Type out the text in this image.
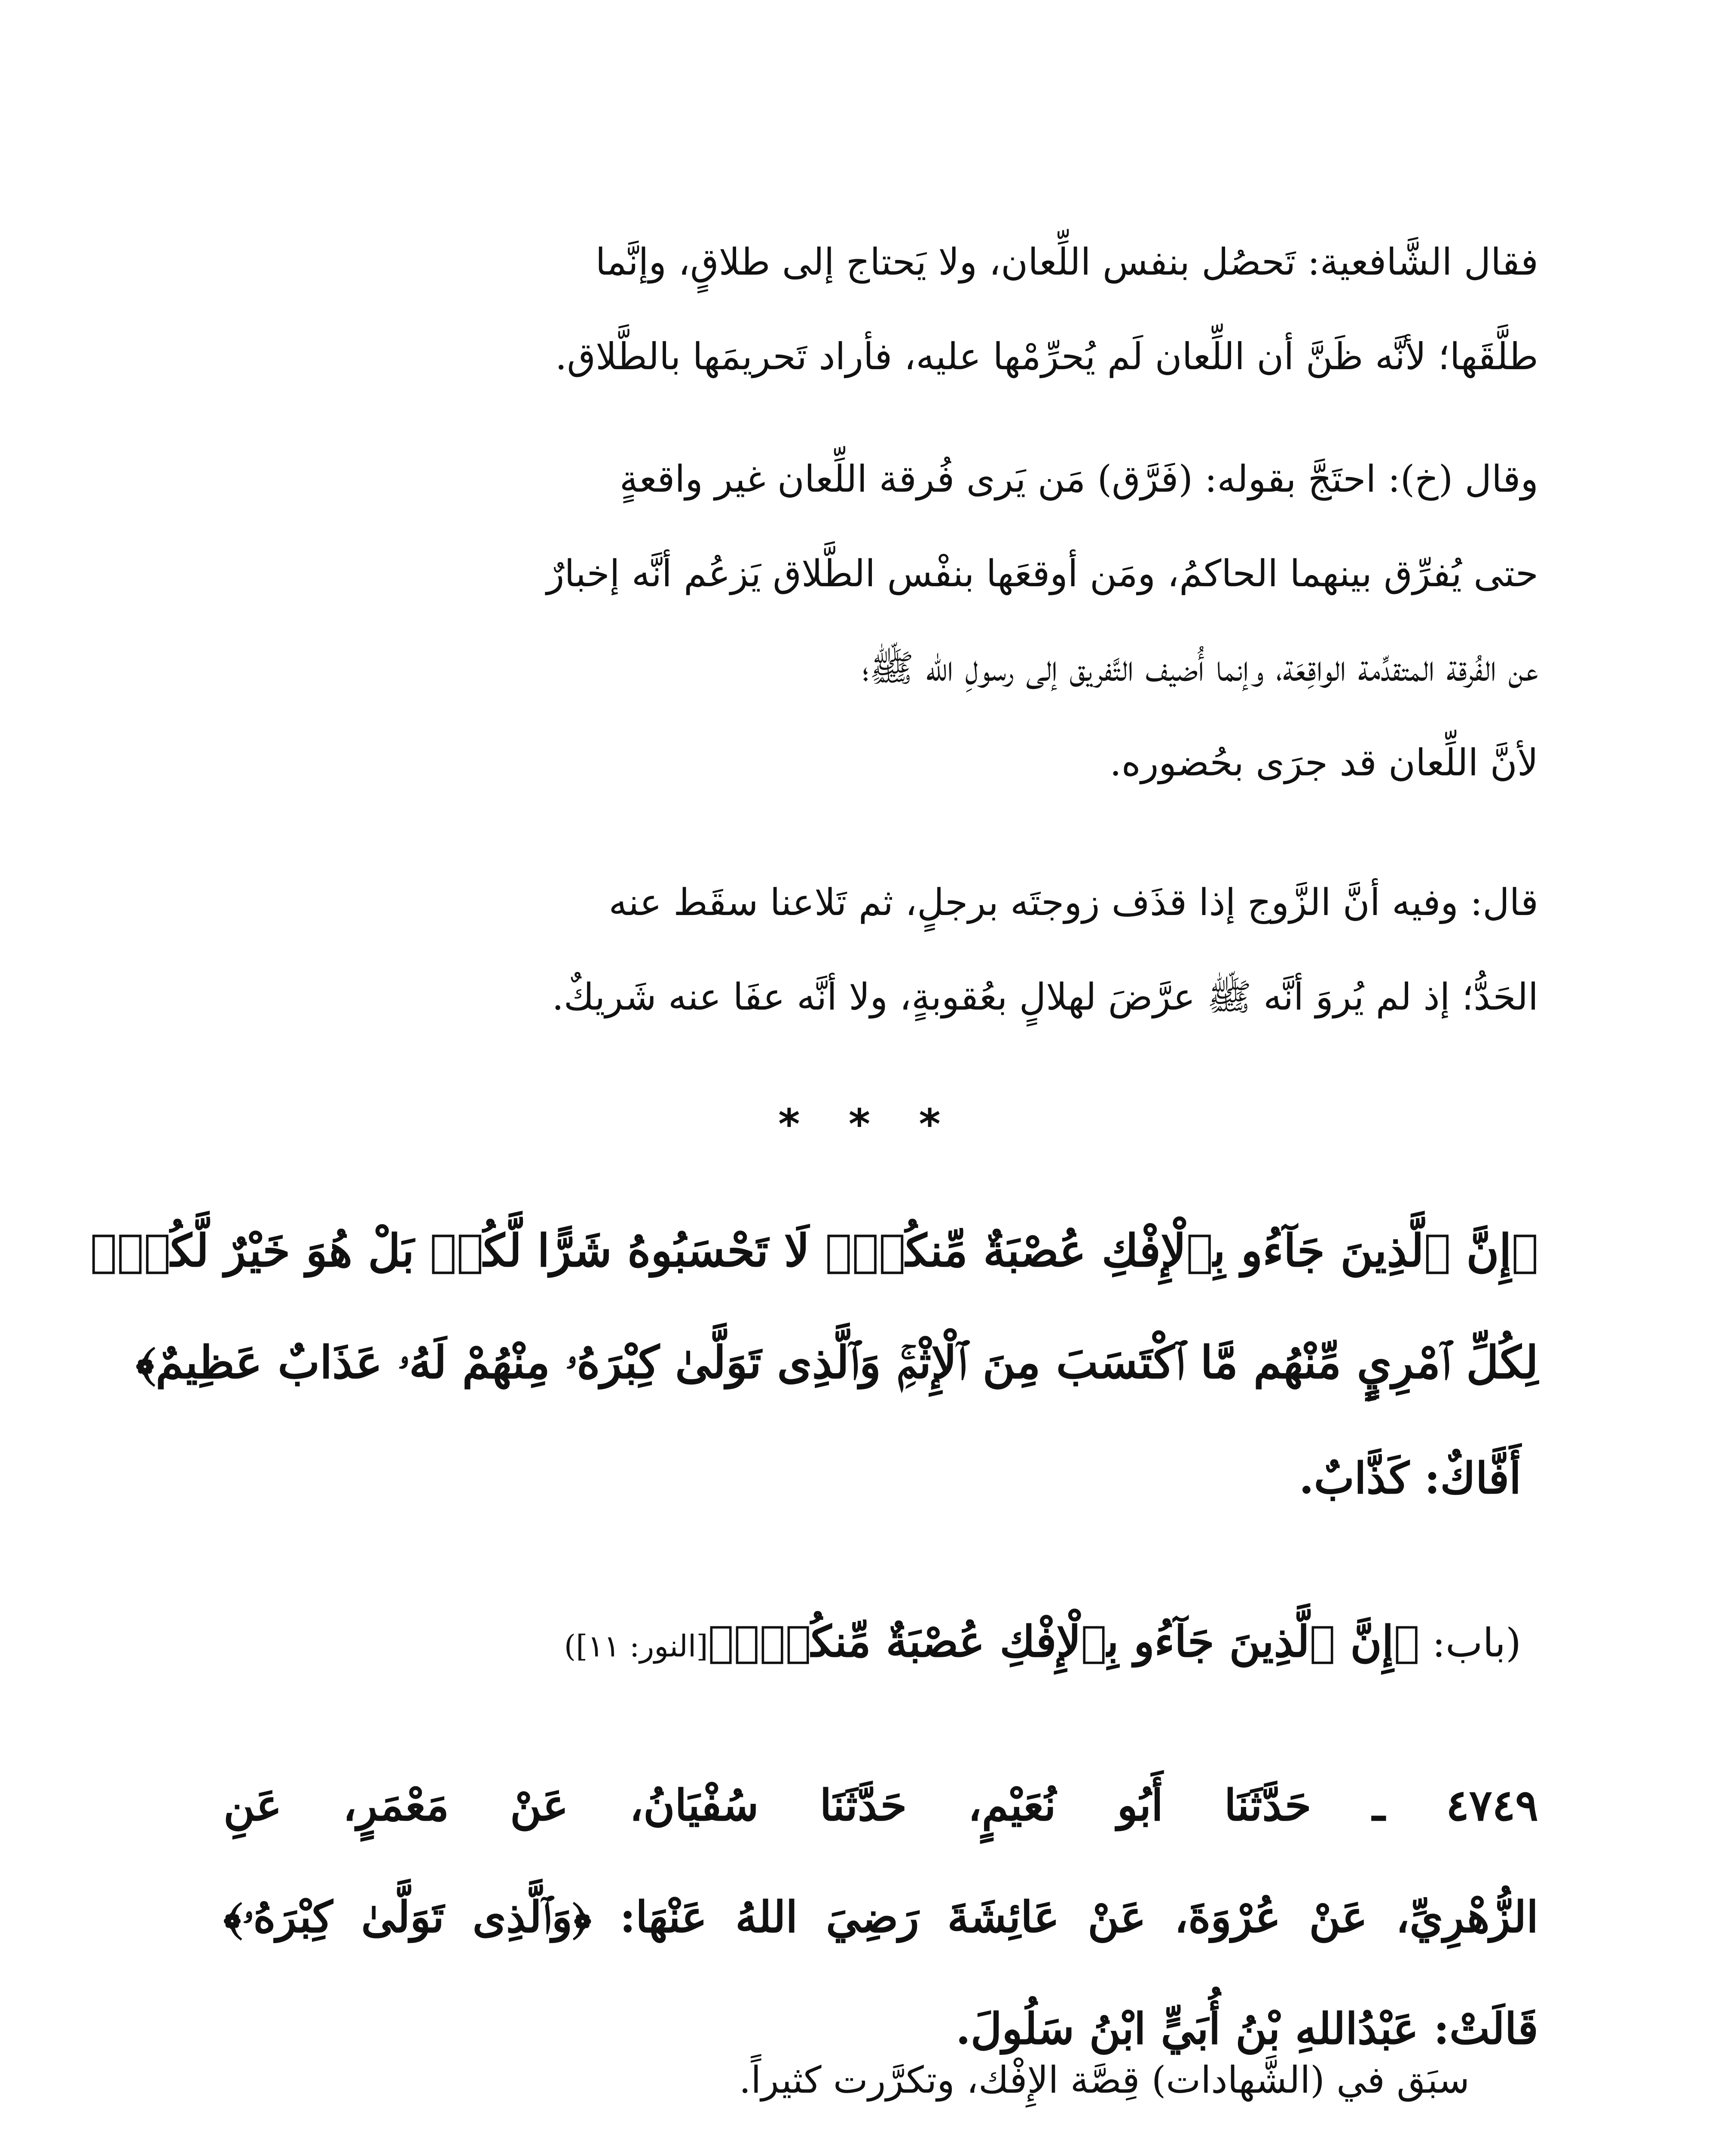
فقال الشَّافعية: تَحصُل بنفس اللِّعان، ولا يَحتاج إلى طلاقٍ، وإنَّما
طلَّقَها؛ لأنَّه ظَنَّ أن اللِّعان لَم يُحرِّمْها عليه، فأراد تَحريمَها بالطَّلاق.

وقال (خ): احتَجَّ بقوله: (فَرَّق) مَن يَرى فُرقة اللِّعان غير واقعةٍ
حتى يُفرِّق بينهما الحاكمُ، ومَن أوقعَها بنفْس الطَّلاق يَزعُم أنَّه إخبارٌ
عن الفُرقة المتقدِّمة الواقِعَة، وإنما أُضيف التَّفريق إلى رسولِ الله ﷺ؛
لأنَّ اللِّعان قد جرَى بحُضوره.

قال: وفيه أنَّ الزَّوج إذا قذَف زوجتَه برجلٍ، ثم تَلاعنا سقَط عنه
الحَدُّ؛ إذ لم يُروَ أنَّه ﷺ عرَّضَ لهلالٍ بعُقوبةٍ، ولا أنَّه عفَا عنه شَريكٌ.

* * *
﴿إِنَّ ٱلَّذِينَ جَآءُو بِٱلْإِفْكِ عُصْبَةٌ مِّنكُمْۚ لَا تَحْسَبُوهُ شَرًّا لَّكُمۖ بَلْ هُوَ خَيْرٌ لَّكُمْۚ
لِكُلِّ ٱمْرِيٍٕ مِّنْهُم مَّا ٱكْتَسَبَ مِنَ ٱلْإِثْمِۚ وَٱلَّذِى تَوَلَّىٰ كِبْرَهُۥ مِنْهُمْ لَهُۥ عَذَابٌ عَظِيمٌ﴾
أَفَّاكٌ: كَذَّابٌ.
(باب: ﴿إِنَّ ٱلَّذِينَ جَآءُو بِٱلْإِفْكِ عُصْبَةٌ مِّنكُمْۚ﴾[النور: ١١])
٤٧٤٩ ـ حَدَّثَنَا أَبُو نُعَيْمٍ، حَدَّثَنَا سُفْيَانُ، عَنْ مَعْمَرٍ، عَنِ
الزُّهْرِيِّ، عَنْ عُرْوَةَ، عَنْ عَائِشَةَ رَضِيَ اللهُ عَنْهَا: ﴿وَٱلَّذِى تَوَلَّىٰ كِبْرَهُۥ﴾
قَالَتْ: عَبْدُاللهِ بْنُ أُبَيٍّ ابْنُ سَلُولَ.
سبَق في (الشَّهادات) قِصَّة الإِفْك، وتكرَّرت كثيراً.
